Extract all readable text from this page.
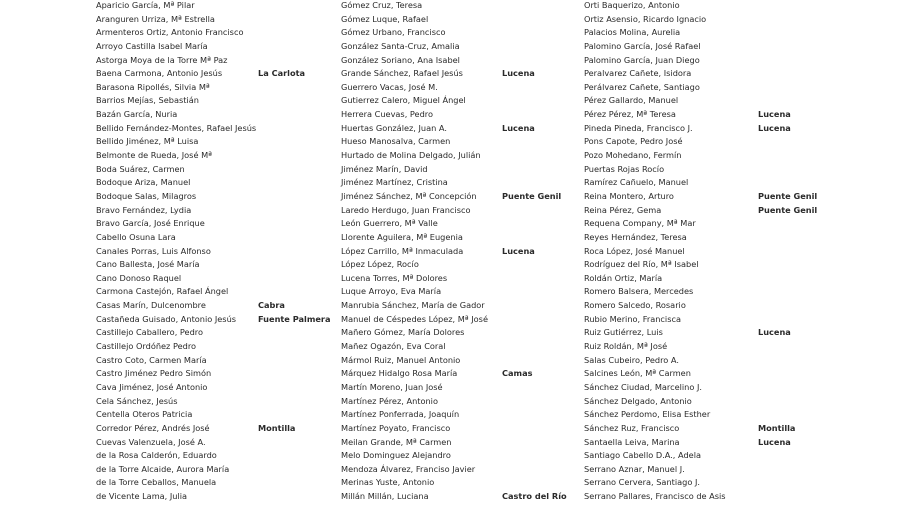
Aparicio García, Mª Pilar
Aranguren Urriza, Mª Estrella
Armenteros Ortiz, Antonio Francisco
Arroyo Castilla Isabel María
Astorga Moya de la Torre Mª Paz
Baena Carmona, Antonio Jesús	La Carlota
Barasona Ripollés, Silvia Mª
Barrios Mejías, Sebastián
Bazán García, Nuria
Bellido Fernández-Montes, Rafael Jesús
Bellido Jiménez, Mª Luisa
Belmonte de Rueda, José Mª
Boda Suárez, Carmen
Bodoque Ariza, Manuel
Bodoque Salas, Milagros
Bravo Fernández, Lydia
Bravo García, José Enrique
Cabello Osuna Lara
Canales Porras, Luis Alfonso
Cano Ballesta, José María
Cano Donoso Raquel
Carmona Castejón, Rafael Ángel
Casas Marín, Dulcenombre	Cabra
Castañeda Guisado, Antonio Jesús	Fuente Palmera
Castillejo Caballero, Pedro
Castillejo Ordóñez Pedro
Castro Coto, Carmen María
Castro Jiménez Pedro Simón
Cava Jiménez, José Antonio
Cela Sánchez, Jesús
Centella Oteros Patricia
Corredor Pérez, Andrés José	Montilla
Cuevas Valenzuela, José A.
de la Rosa Calderón, Eduardo
de la Torre Alcaide, Aurora María
de la Torre Ceballos, Manuela
de Vicente Lama, Julia
Gómez Cruz, Teresa
Gómez Luque, Rafael
Gómez Urbano, Francisco
González Santa-Cruz, Amalia
González Soriano, Ana Isabel
Grande Sánchez, Rafael Jesús	Lucena
Guerrero Vacas, José M.
Gutierrez Calero, Miguel Ángel
Herrera Cuevas, Pedro
Huertas González, Juan A.	Lucena
Hueso Manosalva, Carmen
Hurtado de Molina Delgado, Julián
Jiménez Marín, David
Jiménez Martínez, Cristina
Jiménez Sánchez, Mª Concepción	Puente Genil
Laredo Herdugo, Juan Francisco
León Guerrero, Mª Valle
Llorente Aguilera, Mª Eugenia
López Carrillo, Mª Inmaculada	Lucena
López López, Rocío
Lucena Torres, Mª Dolores
Luque Arroyo, Eva María
Manrubia Sánchez, María de Gador
Manuel de Céspedes López, Mª José
Mañero Gómez, María Dolores
Mañez Ogazón, Eva Coral
Mármol Ruiz, Manuel Antonio
Márquez Hidalgo Rosa María	Camas
Martín Moreno, Juan José
Martínez Pérez, Antonio
Martínez Ponferrada, Joaquín
Martínez Poyato, Francisco
Meilan Grande, Mª Carmen
Melo Dominguez Alejandro
Mendoza Álvarez, Franciso Javier
Merinas Yuste, Antonio
Millán Millán, Luciana	Castro del Río
Orti Baquerizo, Antonio
Ortiz Asensio, Ricardo Ignacio
Palacios Molina, Aurelia
Palomino García, José Rafael
Palomino García, Juan Diego
Peralvarez Cañete, Isidora
Perálvarez Cañete, Santiago
Pérez Gallardo, Manuel
Pérez Pérez, Mª Teresa	Lucena
Pineda Pineda, Francisco J.	Lucena
Pons Capote, Pedro José
Pozo Mohedano, Fermín
Puertas Rojas Rocío
Ramírez Cañuelo, Manuel
Reina Montero, Arturo	Puente Genil
Reina Pérez, Gema	Puente Genil
Requena Company, Mª Mar
Reyes Hernández, Teresa
Roca López, José Manuel
Rodríguez del Río, Mª Isabel
Roldán Ortiz, María
Romero Balsera, Mercedes
Romero Salcedo, Rosario
Rubio Merino, Francisca
Ruiz Gutiérrez, Luis	Lucena
Ruiz Roldán, Mª José
Salas Cubeiro, Pedro A.
Salcines León, Mª Carmen
Sánchez Ciudad, Marcelino J.
Sánchez Delgado, Antonio
Sánchez Perdomo, Elisa Esther
Sánchez Ruz, Francisco	Montilla
Santaella Leiva, Marina	Lucena
Santiago Cabello D.A., Adela
Serrano Aznar, Manuel J.
Serrano Cervera, Santiago J.
Serrano Pallares, Francisco de Asis
